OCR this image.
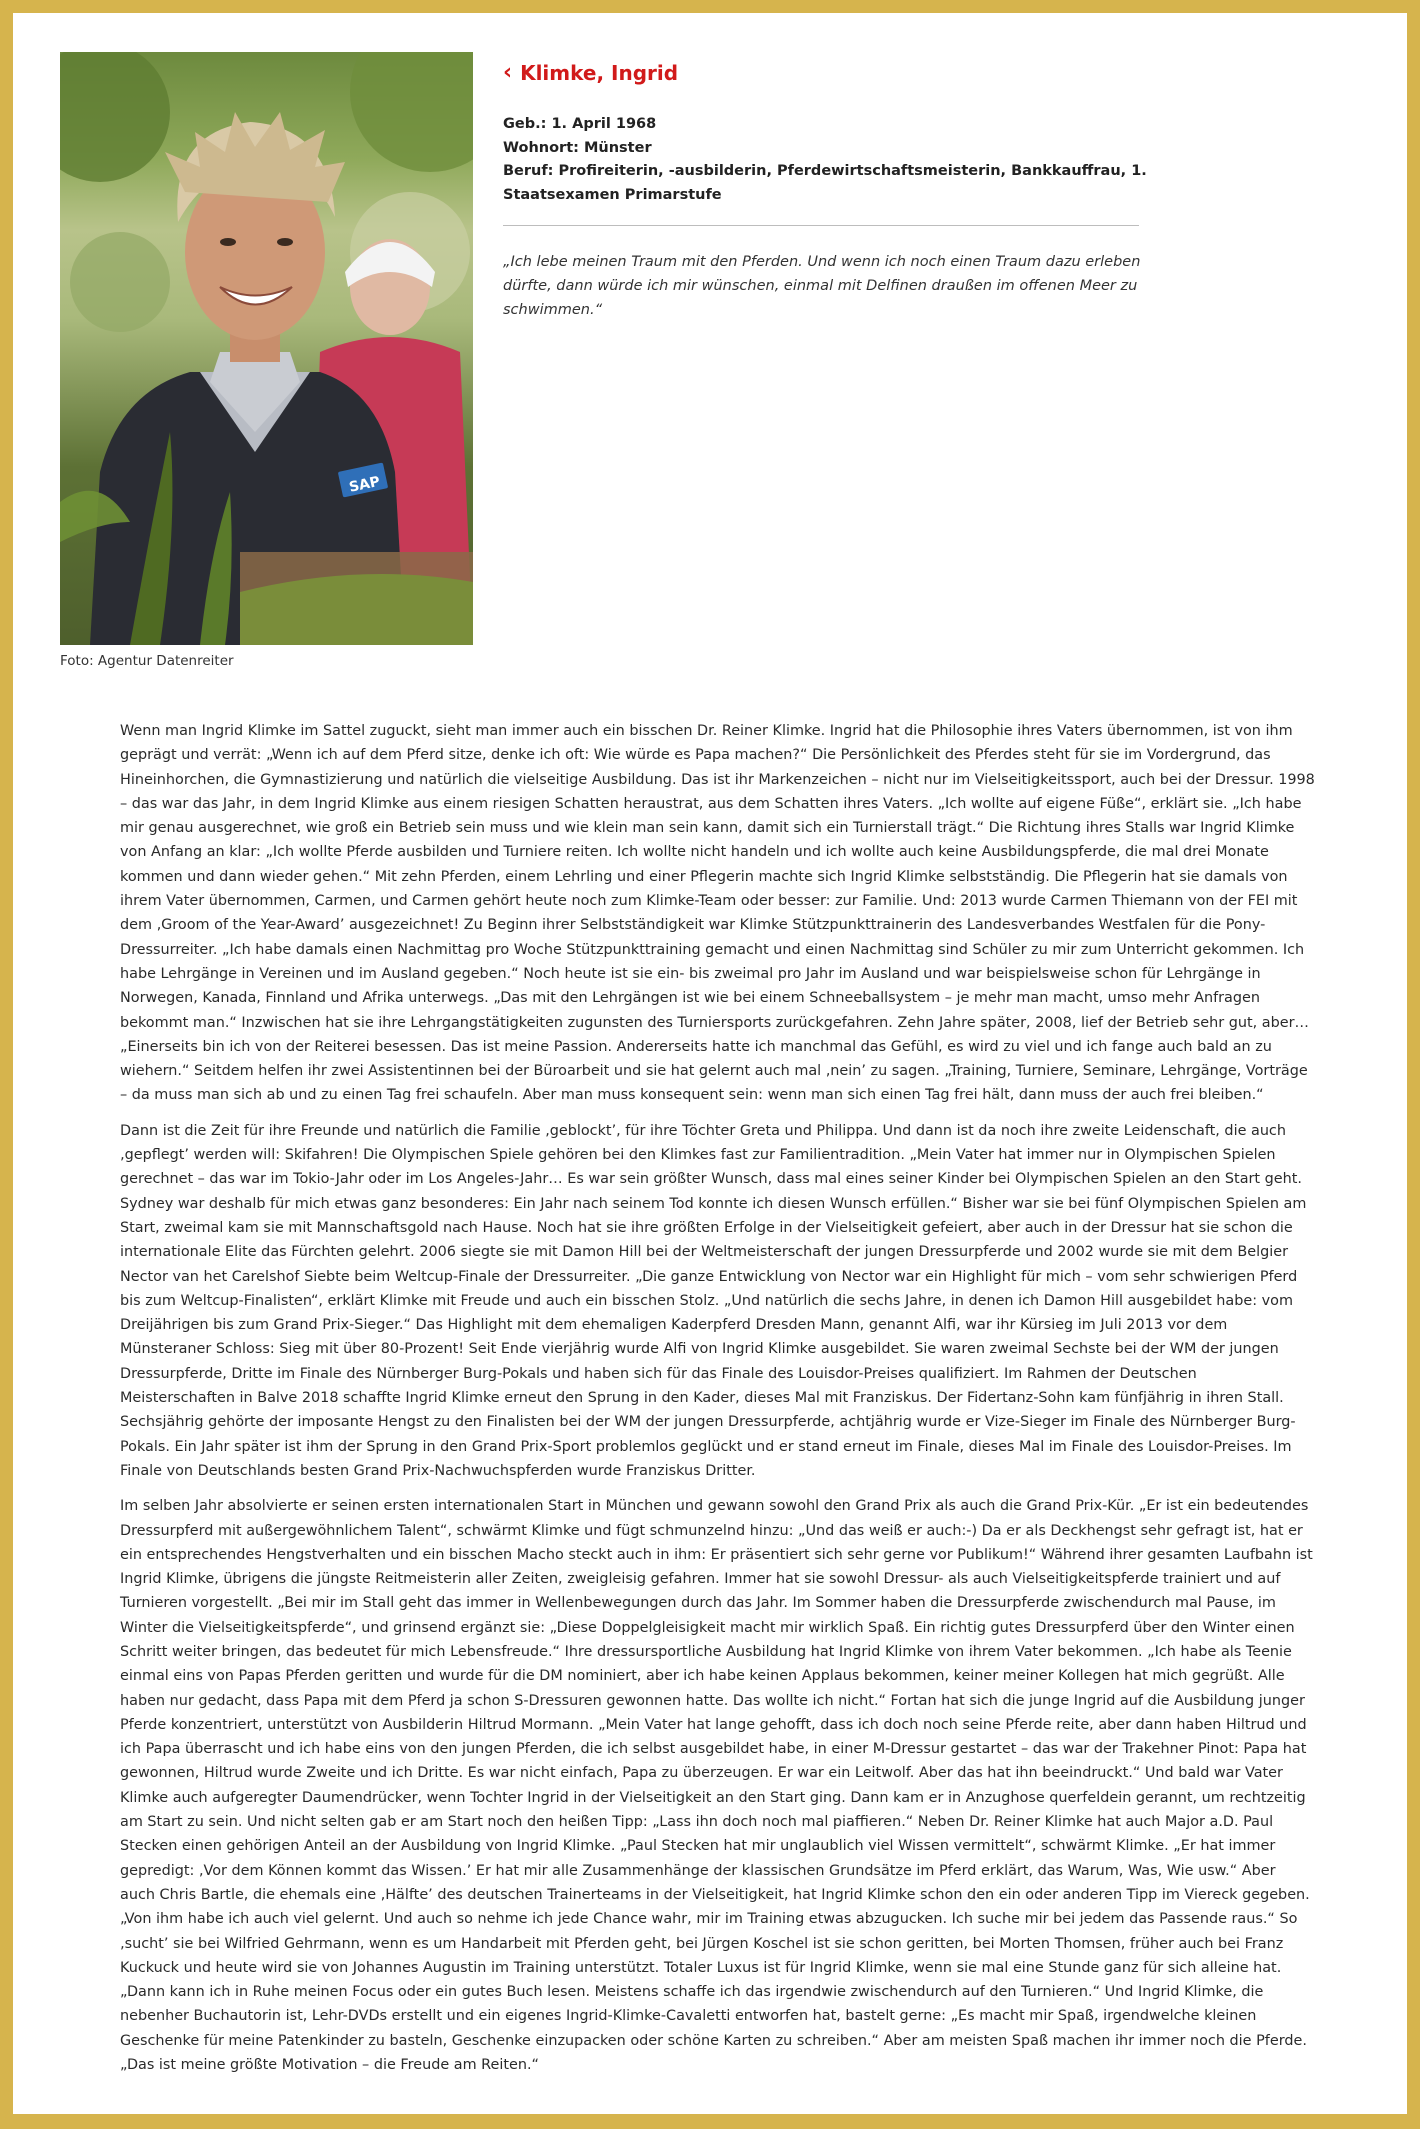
SAP
Foto: Agentur Datenreiter
‹ Klimke, Ingrid
Geb.: 1. April 1968
Wohnort: Münster
Beruf: Profireiterin, -ausbilderin, Pferdewirtschaftsmeisterin, Bankkauffrau, 1. Staatsexamen Primarstufe
„Ich lebe meinen Traum mit den Pferden. Und wenn ich noch einen Traum dazu erleben dürfte, dann würde ich mir wünschen, einmal mit Delfinen draußen im offenen Meer zu schwimmen.“

Wenn man Ingrid Klimke im Sattel zuguckt, sieht man immer auch ein bisschen Dr. Reiner Klimke. Ingrid hat die Philosophie ihres Vaters übernommen, ist von ihm geprägt und verrät: „Wenn ich auf dem Pferd sitze, denke ich oft: Wie würde es Papa machen?“ Die Persönlichkeit des Pferdes steht für sie im Vordergrund, das Hineinhorchen, die Gymnastizierung und natürlich die vielseitige Ausbildung. Das ist ihr Markenzeichen – nicht nur im Vielseitigkeitssport, auch bei der Dressur. 1998 – das war das Jahr, in dem Ingrid Klimke aus einem riesigen Schatten heraustrat, aus dem Schatten ihres Vaters. „Ich wollte auf eigene Füße“, erklärt sie. „Ich habe mir genau ausgerechnet, wie groß ein Betrieb sein muss und wie klein man sein kann, damit sich ein Turnierstall trägt.“ Die Richtung ihres Stalls war Ingrid Klimke von Anfang an klar: „Ich wollte Pferde ausbilden und Turniere reiten. Ich wollte nicht handeln und ich wollte auch keine Ausbildungspferde, die mal drei Monate kommen und dann wieder gehen.“ Mit zehn Pferden, einem Lehrling und einer Pflegerin machte sich Ingrid Klimke selbstständig. Die Pflegerin hat sie damals von ihrem Vater übernommen, Carmen, und Carmen gehört heute noch zum Klimke-Team oder besser: zur Familie. Und: 2013 wurde Carmen Thiemann von der FEI mit dem ‚Groom of the Year-Award’ ausgezeichnet! Zu Beginn ihrer Selbstständigkeit war Klimke Stützpunkttrainerin des Landesverbandes Westfalen für die Pony-Dressurreiter. „Ich habe damals einen Nachmittag pro Woche Stützpunkttraining gemacht und einen Nachmittag sind Schüler zu mir zum Unterricht gekommen. Ich habe Lehrgänge in Vereinen und im Ausland gegeben.“ Noch heute ist sie ein- bis zweimal pro Jahr im Ausland und war beispielsweise schon für Lehrgänge in Norwegen, Kanada, Finnland und Afrika unterwegs. „Das mit den Lehrgängen ist wie bei einem Schneeballsystem – je mehr man macht, umso mehr Anfragen bekommt man.“ Inzwischen hat sie ihre Lehrgangstätigkeiten zugunsten des Turniersports zurückgefahren. Zehn Jahre später, 2008, lief der Betrieb sehr gut, aber… „Einerseits bin ich von der Reiterei besessen. Das ist meine Passion. Andererseits hatte ich manchmal das Gefühl, es wird zu viel und ich fange auch bald an zu wiehern.“ Seitdem helfen ihr zwei Assistentinnen bei der Büroarbeit und sie hat gelernt auch mal ‚nein’ zu sagen. „Training, Turniere, Seminare, Lehrgänge, Vorträge – da muss man sich ab und zu einen Tag frei schaufeln. Aber man muss konsequent sein: wenn man sich einen Tag frei hält, dann muss der auch frei bleiben.“

Dann ist die Zeit für ihre Freunde und natürlich die Familie ‚geblockt’, für ihre Töchter Greta und Philippa. Und dann ist da noch ihre zweite Leidenschaft, die auch ‚gepflegt’ werden will: Skifahren! Die Olympischen Spiele gehören bei den Klimkes fast zur Familientradition. „Mein Vater hat immer nur in Olympischen Spielen gerechnet – das war im Tokio-Jahr oder im Los Angeles-Jahr… Es war sein größter Wunsch, dass mal eines seiner Kinder bei Olympischen Spielen an den Start geht. Sydney war deshalb für mich etwas ganz besonderes: Ein Jahr nach seinem Tod konnte ich diesen Wunsch erfüllen.“ Bisher war sie bei fünf Olympischen Spielen am Start, zweimal kam sie mit Mannschaftsgold nach Hause. Noch hat sie ihre größten Erfolge in der Vielseitigkeit gefeiert, aber auch in der Dressur hat sie schon die internationale Elite das Fürchten gelehrt. 2006 siegte sie mit Damon Hill bei der Weltmeisterschaft der jungen Dressurpferde und 2002 wurde sie mit dem Belgier Nector van het Carelshof Siebte beim Weltcup-Finale der Dressurreiter. „Die ganze Entwicklung von Nector war ein Highlight für mich – vom sehr schwierigen Pferd bis zum Weltcup-Finalisten“, erklärt Klimke mit Freude und auch ein bisschen Stolz. „Und natürlich die sechs Jahre, in denen ich Damon Hill ausgebildet habe: vom Dreijährigen bis zum Grand Prix-Sieger.“ Das Highlight mit dem ehemaligen Kaderpferd Dresden Mann, genannt Alfi, war ihr Kürsieg im Juli 2013 vor dem Münsteraner Schloss: Sieg mit über 80-Prozent! Seit Ende vierjährig wurde Alfi von Ingrid Klimke ausgebildet. Sie waren zweimal Sechste bei der WM der jungen Dressurpferde, Dritte im Finale des Nürnberger Burg-Pokals und haben sich für das Finale des Louisdor-Preises qualifiziert. Im Rahmen der Deutschen Meisterschaften in Balve 2018 schaffte Ingrid Klimke erneut den Sprung in den Kader, dieses Mal mit Franziskus. Der Fidertanz-Sohn kam fünfjährig in ihren Stall. Sechsjährig gehörte der imposante Hengst zu den Finalisten bei der WM der jungen Dressurpferde, achtjährig wurde er Vize-Sieger im Finale des Nürnberger Burg-Pokals. Ein Jahr später ist ihm der Sprung in den Grand Prix-Sport problemlos geglückt und er stand erneut im Finale, dieses Mal im Finale des Louisdor-Preises. Im Finale von Deutschlands besten Grand Prix-Nachwuchspferden wurde Franziskus Dritter.

Im selben Jahr absolvierte er seinen ersten internationalen Start in München und gewann sowohl den Grand Prix als auch die Grand Prix-Kür. „Er ist ein bedeutendes Dressurpferd mit außergewöhnlichem Talent“, schwärmt Klimke und fügt schmunzelnd hinzu: „Und das weiß er auch:-) Da er als Deckhengst sehr gefragt ist, hat er ein entsprechendes Hengstverhalten und ein bisschen Macho steckt auch in ihm: Er präsentiert sich sehr gerne vor Publikum!“ Während ihrer gesamten Laufbahn ist Ingrid Klimke, übrigens die jüngste Reitmeisterin aller Zeiten, zweigleisig gefahren. Immer hat sie sowohl Dressur- als auch Vielseitigkeitspferde trainiert und auf Turnieren vorgestellt. „Bei mir im Stall geht das immer in Wellenbewegungen durch das Jahr. Im Sommer haben die Dressurpferde zwischendurch mal Pause, im Winter die Vielseitigkeitspferde“, und grinsend ergänzt sie: „Diese Doppelgleisigkeit macht mir wirklich Spaß. Ein richtig gutes Dressurpferd über den Winter einen Schritt weiter bringen, das bedeutet für mich Lebensfreude.“ Ihre dressursportliche Ausbildung hat Ingrid Klimke von ihrem Vater bekommen. „Ich habe als Teenie einmal eins von Papas Pferden geritten und wurde für die DM nominiert, aber ich habe keinen Applaus bekommen, keiner meiner Kollegen hat mich gegrüßt. Alle haben nur gedacht, dass Papa mit dem Pferd ja schon S-Dressuren gewonnen hatte. Das wollte ich nicht.“ Fortan hat sich die junge Ingrid auf die Ausbildung junger Pferde konzentriert, unterstützt von Ausbilderin Hiltrud Mormann. „Mein Vater hat lange gehofft, dass ich doch noch seine Pferde reite, aber dann haben Hiltrud und ich Papa überrascht und ich habe eins von den jungen Pferden, die ich selbst ausgebildet habe, in einer M-Dressur gestartet – das war der Trakehner Pinot: Papa hat gewonnen, Hiltrud wurde Zweite und ich Dritte. Es war nicht einfach, Papa zu überzeugen. Er war ein Leitwolf. Aber das hat ihn beeindruckt.“ Und bald war Vater Klimke auch aufgeregter Daumendrücker, wenn Tochter Ingrid in der Vielseitigkeit an den Start ging. Dann kam er in Anzughose querfeldein gerannt, um rechtzeitig am Start zu sein. Und nicht selten gab er am Start noch den heißen Tipp: „Lass ihn doch noch mal piaffieren.“ Neben Dr. Reiner Klimke hat auch Major a.D. Paul Stecken einen gehörigen Anteil an der Ausbildung von Ingrid Klimke. „Paul Stecken hat mir unglaublich viel Wissen vermittelt“, schwärmt Klimke. „Er hat immer gepredigt: ‚Vor dem Können kommt das Wissen.’ Er hat mir alle Zusammenhänge der klassischen Grundsätze im Pferd erklärt, das Warum, Was, Wie usw.“ Aber auch Chris Bartle, die ehemals eine ‚Hälfte’ des deutschen Trainerteams in der Vielseitigkeit, hat Ingrid Klimke schon den ein oder anderen Tipp im Viereck gegeben. „Von ihm habe ich auch viel gelernt. Und auch so nehme ich jede Chance wahr, mir im Training etwas abzugucken. Ich suche mir bei jedem das Passende raus.“ So ‚sucht’ sie bei Wilfried Gehrmann, wenn es um Handarbeit mit Pferden geht, bei Jürgen Koschel ist sie schon geritten, bei Morten Thomsen, früher auch bei Franz Kuckuck und heute wird sie von Johannes Augustin im Training unterstützt. Totaler Luxus ist für Ingrid Klimke, wenn sie mal eine Stunde ganz für sich alleine hat. „Dann kann ich in Ruhe meinen Focus oder ein gutes Buch lesen. Meistens schaffe ich das irgendwie zwischendurch auf den Turnieren.“ Und Ingrid Klimke, die nebenher Buchautorin ist, Lehr-DVDs erstellt und ein eigenes Ingrid-Klimke-Cavaletti entworfen hat, bastelt gerne: „Es macht mir Spaß, irgendwelche kleinen Geschenke für meine Patenkinder zu basteln, Geschenke einzupacken oder schöne Karten zu schreiben.“ Aber am meisten Spaß machen ihr immer noch die Pferde. „Das ist meine größte Motivation – die Freude am Reiten.“
